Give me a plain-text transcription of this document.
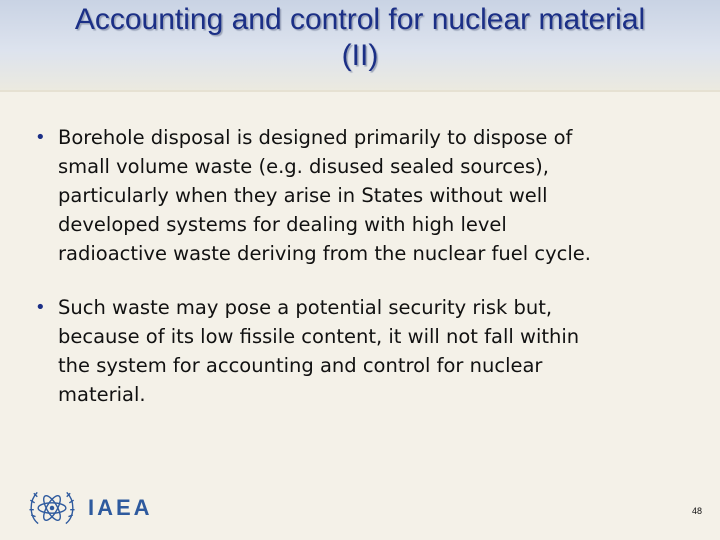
Accounting and control for nuclear material
(II)
• Borehole disposal is designed primarily to dispose of
small volume waste (e.g. disused sealed sources),
particularly when they arise in States without well
developed systems for dealing with high level
radioactive waste deriving from the nuclear fuel cycle.
• Such waste may pose a potential security risk but,
because of its low fissile content, it will not fall within
the system for accounting and control for nuclear
material.
IAEA	48
